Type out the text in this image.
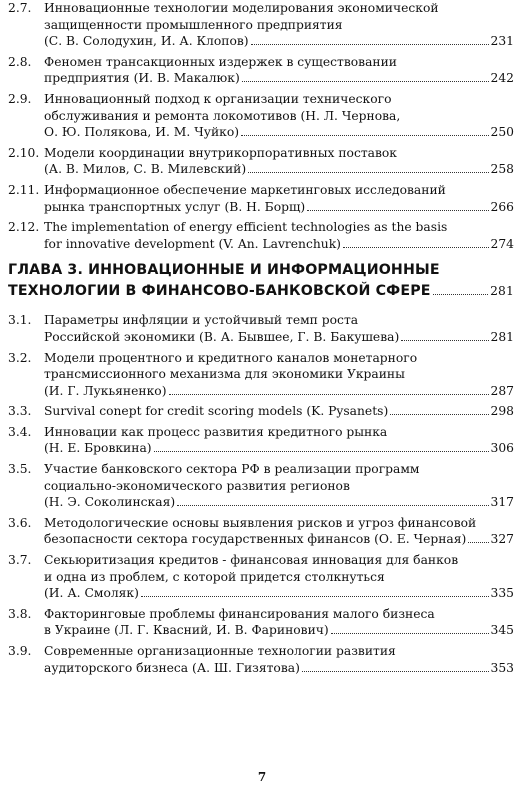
2.7. Инновационные технологии моделирования экономической
защищенности промышленного предприятия
(С. В. Солодухин, И. А. Клопов)	231
2.8. Феномен трансакционных издержек в существовании
предприятия (И. В. Макалюк)	242
2.9. Инновационный подход к организации технического
обслуживания и ремонта локомотивов (Н. Л. Чернова,
О. Ю. Полякова, И. М. Чуйко)	250
2.10. Модели координации внутрикорпоративных поставок
(А. В. Милов, С. В. Милевский)	258
2.11. Информационное обеспечение маркетинговых исследований
рынка транспортных услуг (В. Н. Борщ)	266
2.12. The implementation of energy efficient technologies as the basis
for innovative development (V. An. Lavrenchuk)	274
ГЛАВА 3. ИННОВАЦИОННЫЕ И ИНФОРМАЦИОННЫЕ
ТЕХНОЛОГИИ В ФИНАНСОВО-БАНКОВСКОЙ СФЕРЕ	281
3.1. Параметры инфляции и устойчивый темп роста
Российской экономики (В. А. Бывшее, Г. В. Бакушева)	281
3.2. Модели процентного и кредитного каналов монетарного
трансмиссионного механизма для экономики Украины
(И. Г. Лукьяненко)	287
3.3.	Survival conept for credit scoring models (K. Pysanets)	298
3.4. Инновации как процесс развития кредитного рынка
(Н. Е. Бровкина)	306
3.5. Участие банковского сектора РФ в реализации программ
социально-экономического развития регионов
(Н. Э. Соколинская)	317
3.6. Методологические основы выявления рисков и угроз финансовой
безопасности сектора государственных финансов (О. Е. Черная) 327
3.7. Секьюритизация кредитов - финансовая инновация для банков
и одна из проблем, с которой придется столкнуться
(И. А. Смоляк)	335
3.8. Факторинговые проблемы финансирования малого бизнеса
в Украине (Л. Г. Квасний, И. В. Фаринович)	345
3.9. Современные организационные технологии развития
аудиторского бизнеса (А. Ш. Гизятова)	353
7
